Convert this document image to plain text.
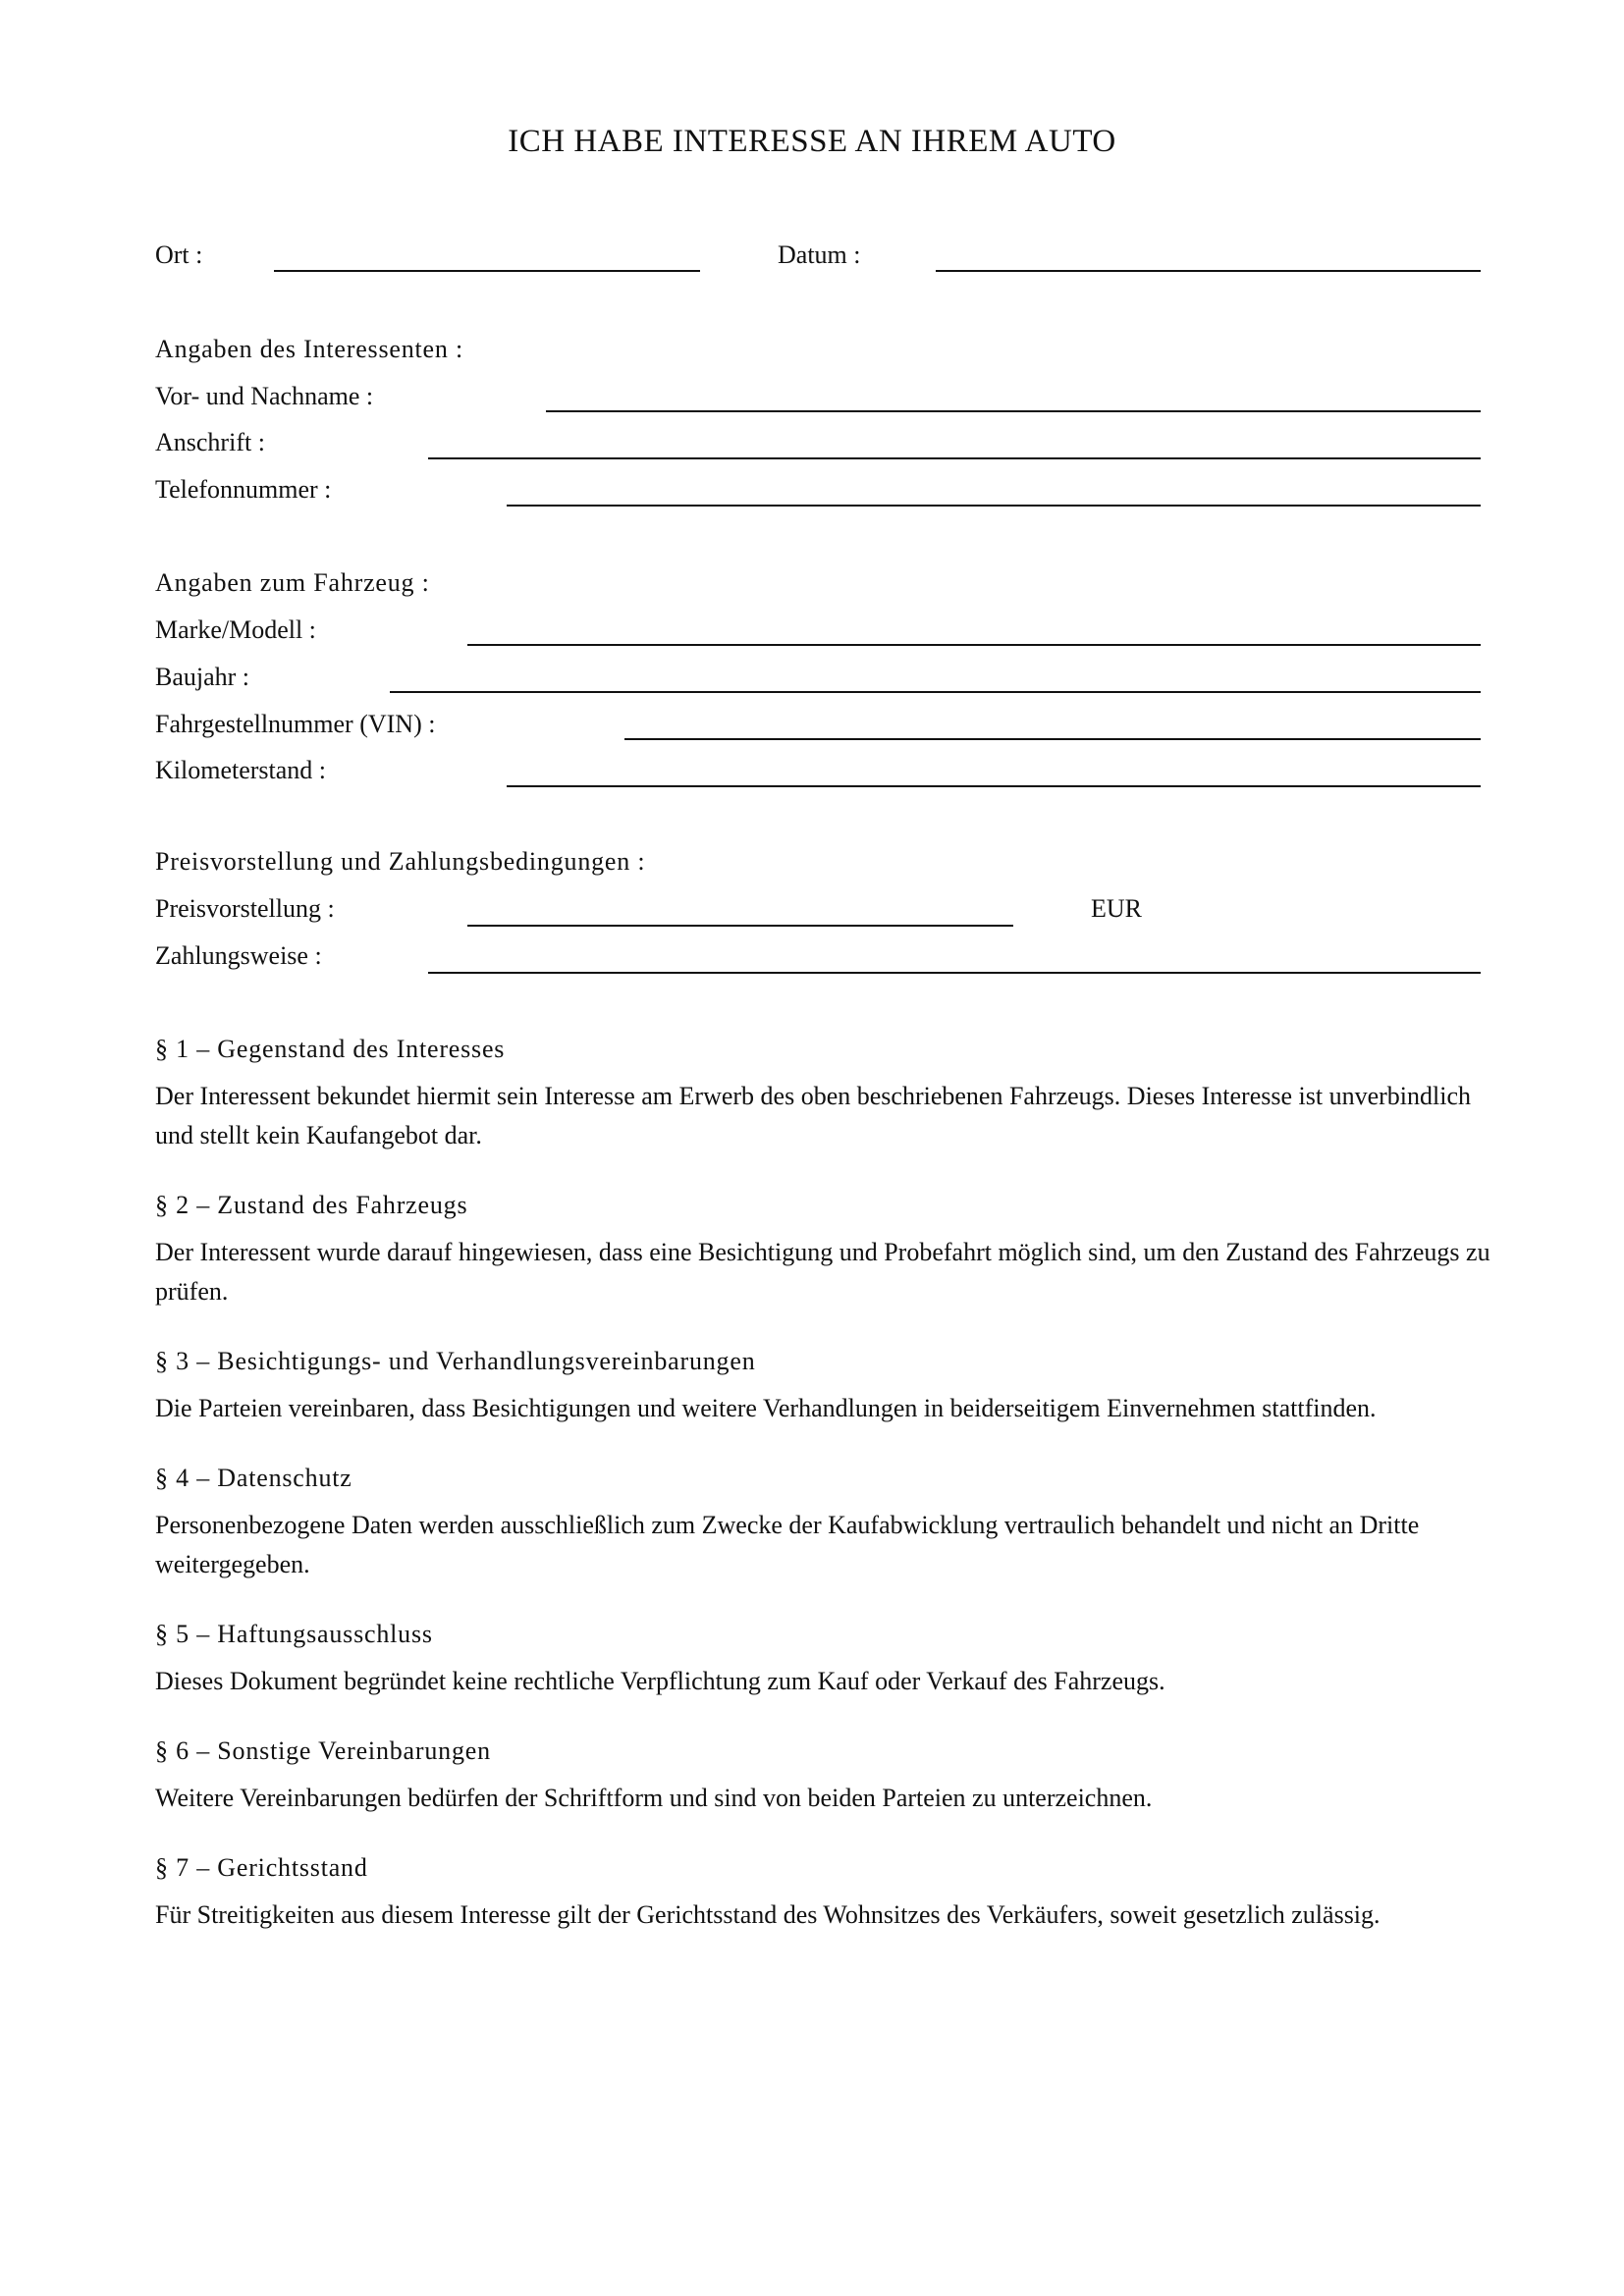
ICH HABE INTERESSE AN IHREM AUTO
Ort :	Datum :
Angaben des Interessenten :
Vor- und Nachname :
Anschrift :
Telefonnummer :
Angaben zum Fahrzeug :
Marke/Modell :
Baujahr :
Fahrgestellnummer (VIN) :
Kilometerstand :
Preisvorstellung und Zahlungsbedingungen :
Preisvorstellung :	EUR
Zahlungsweise :
§ 1 – Gegenstand des Interesses
Der Interessent bekundet hiermit sein Interesse am Erwerb des oben beschriebenen Fahrzeugs. Dieses Interesse ist unverbindlich und stellt kein Kaufangebot dar.
§ 2 – Zustand des Fahrzeugs
Der Interessent wurde darauf hingewiesen, dass eine Besichtigung und Probefahrt möglich sind, um den Zustand des Fahrzeugs zu prüfen.
§ 3 – Besichtigungs- und Verhandlungsvereinbarungen
Die Parteien vereinbaren, dass Besichtigungen und weitere Verhandlungen in beiderseitigem Einvernehmen stattfinden.
§ 4 – Datenschutz
Personenbezogene Daten werden ausschließlich zum Zwecke der Kaufabwicklung vertraulich behandelt und nicht an Dritte weitergegeben.
§ 5 – Haftungsausschluss
Dieses Dokument begründet keine rechtliche Verpflichtung zum Kauf oder Verkauf des Fahrzeugs.
§ 6 – Sonstige Vereinbarungen
Weitere Vereinbarungen bedürfen der Schriftform und sind von beiden Parteien zu unterzeichnen.
§ 7 – Gerichtsstand
Für Streitigkeiten aus diesem Interesse gilt der Gerichtsstand des Wohnsitzes des Verkäufers, soweit gesetzlich zulässig.
